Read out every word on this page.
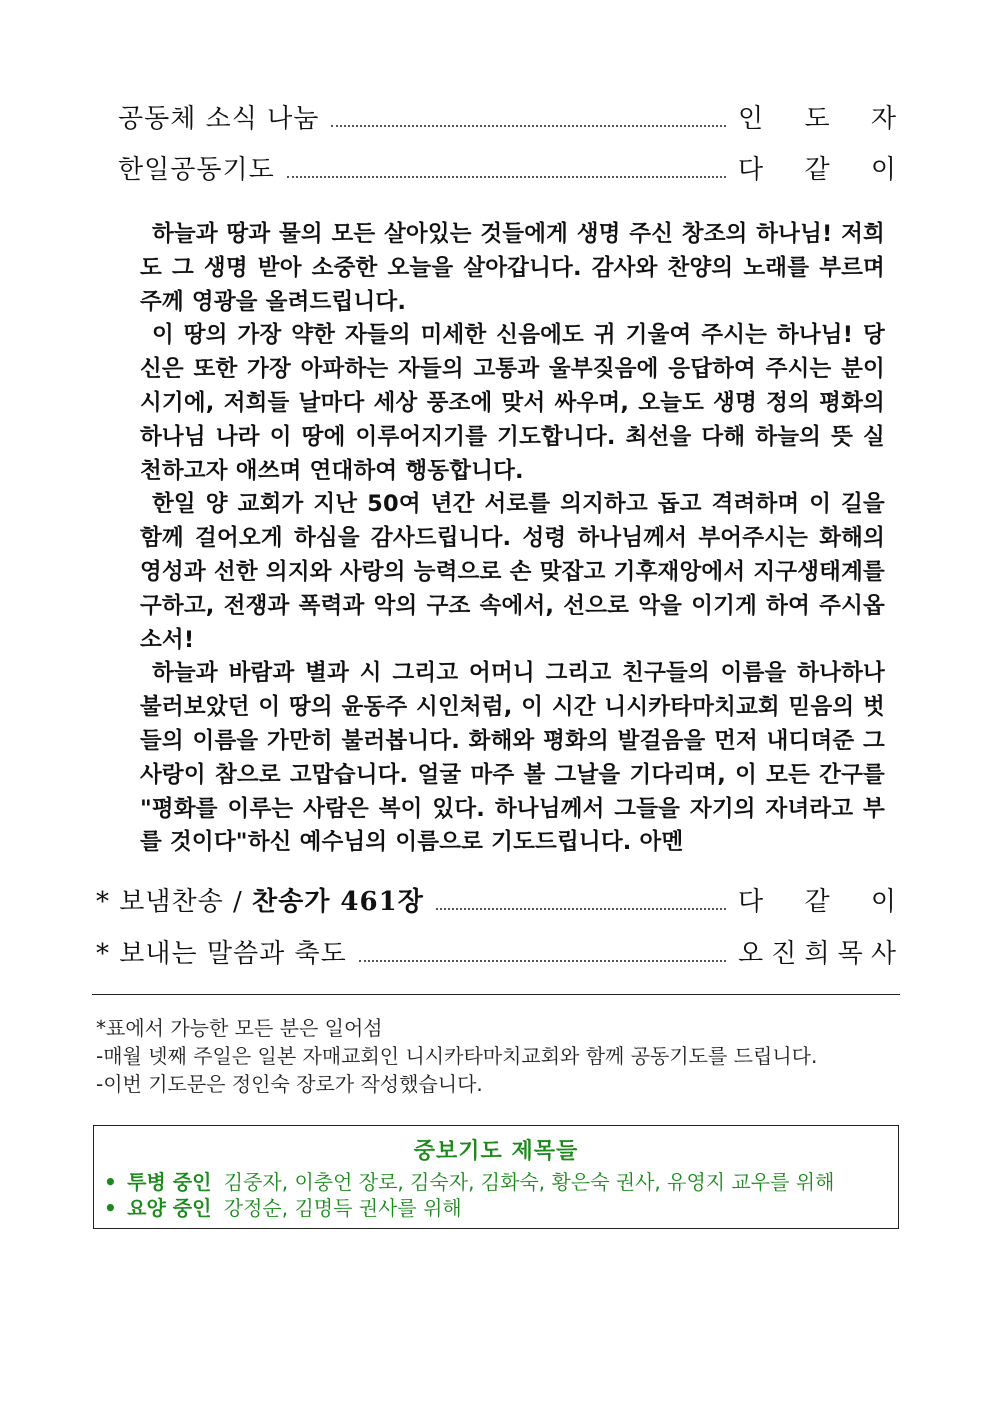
공동체 소식 나눔	인 도 자
한일공동기도	다 같 이

하늘과 땅과 물의 모든 살아있는 것들에게 생명 주신 창조의 하나님! 저희도 그 생명 받아 소중한 오늘을 살아갑니다. 감사와 찬양의 노래를 부르며 주께 영광을 올려드립니다.

이 땅의 가장 약한 자들의 미세한 신음에도 귀 기울여 주시는 하나님! 당신은 또한 가장 아파하는 자들의 고통과 울부짖음에 응답하여 주시는 분이시기에, 저희들 날마다 세상 풍조에 맞서 싸우며, 오늘도 생명 정의 평화의 하나님 나라 이 땅에 이루어지기를 기도합니다. 최선을 다해 하늘의 뜻 실천하고자 애쓰며 연대하여 행동합니다.

한일 양 교회가 지난 50여 년간 서로를 의지하고 돕고 격려하며 이 길을 함께 걸어오게 하심을 감사드립니다. 성령 하나님께서 부어주시는 화해의 영성과 선한 의지와 사랑의 능력으로 손 맞잡고 기후재앙에서 지구생태계를 구하고, 전쟁과 폭력과 악의 구조 속에서, 선으로 악을 이기게 하여 주시옵소서!

하늘과 바람과 별과 시 그리고 어머니 그리고 친구들의 이름을 하나하나 불러보았던 이 땅의 윤동주 시인처럼, 이 시간 니시카타마치교회 믿음의 벗들의 이름을 가만히 불러봅니다. 화해와 평화의 발걸음을 먼저 내디뎌준 그 사랑이 참으로 고맙습니다. 얼굴 마주 볼 그날을 기다리며, 이 모든 간구를 "평화를 이루는 사람은 복이 있다. 하나님께서 그들을 자기의 자녀라고 부를 것이다"하신 예수님의 이름으로 기도드립니다. 아멘

* 보냄찬송 / 찬송가 461장	다 같 이
* 보내는 말씀과 축도	오 진 희 목 사
*표에서 가능한 모든 분은 일어섬
-매월 넷째 주일은 일본 자매교회인 니시카타마치교회와 함께 공동기도를 드립니다.
-이번 기도문은 정인숙 장로가 작성했습니다.
중보기도 제목들
• 투병 중인 김중자, 이충언 장로, 김숙자, 김화숙, 황은숙 권사, 유영지 교우를 위해
• 요양 중인 강정순, 김명득 권사를 위해
